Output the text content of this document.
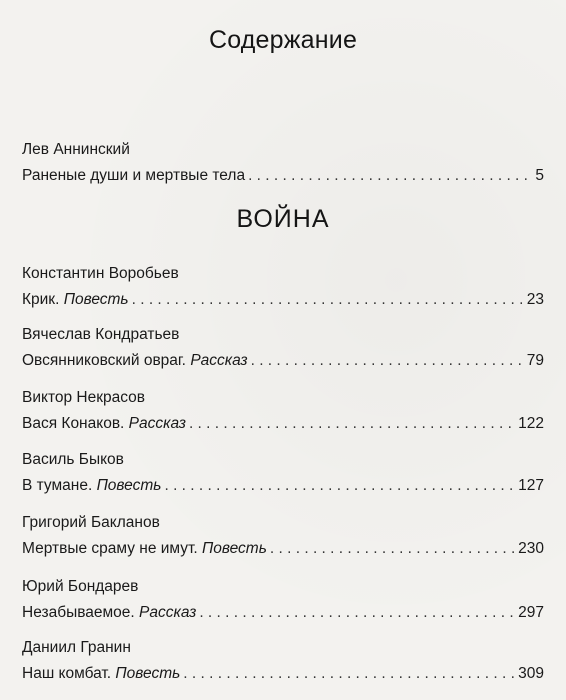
Содержание
Лев Аннинский
Раненые души и мертвые тела . . .	5
ВОЙНА
Константин Воробьев
Крик. Повесть . . .	23
Вячеслав Кондратьев
Овсянниковский овраг. Рассказ . . .	79
Виктор Некрасов
Вася Конаков. Рассказ . . .	122
Василь Быков
В тумане. Повесть . . .	127
Григорий Бакланов
Мертвые сраму не имут. Повесть . . .	230
Юрий Бондарев
Незабываемое. Рассказ . . .	297
Даниил Гранин
Наш комбат. Повесть . . .	309
